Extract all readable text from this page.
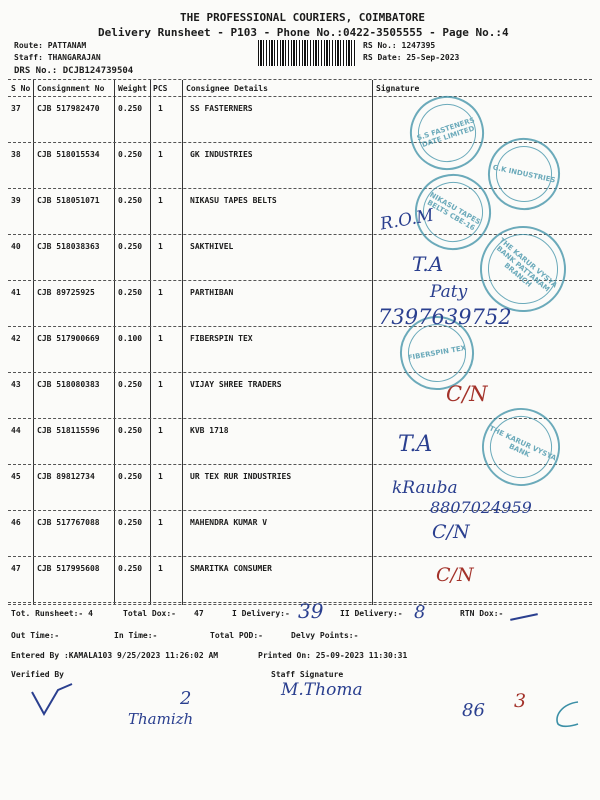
THE PROFESSIONAL COURIERS, COIMBATORE
Delivery Runsheet - P103 - Phone No.:0422-3505555 - Page No.:4
Route: PATTANAM
Staff: THANGARAJAN
DRS No.: DCJB124739504
RS No.: 1247395
RS Date: 25-Sep-2023
S No Consignment No Weight PCS Consignee Details	Signature
37 CJB 517982470 0.250 1	SS FASTERNERS
38 CJB 518015534 0.250 1	GK INDUSTRIES
39 CJB 518051071 0.250 1	NIKASU TAPES BELTS
40 CJB 518038363 0.250 1	SAKTHIVEL
41 CJB 89725925	0.250 1	PARTHIBAN
42 CJB 517900669 0.100 1	FIBERSPIN TEX
43 CJB 518080383 0.250 1	VIJAY SHREE TRADERS
44 CJB 518115596 0.250 1	KVB 1718
45 CJB 89812734	0.250 1	UR TEX RUR INDUSTRIES
46 CJB 517767088 0.250 1	MAHENDRA KUMAR V
47 CJB 517995608 0.250 1	SMARITKA CONSUMER
S.S FASTENERS DATE LIMITED
G.K INDUSTRIES
NIKASU TAPES BELTS CBE-16
THE KARUR VYSYA BANK PATTANAM BRANCH
FIBERSPIN TEX
THE KARUR VYSYA BANK
R.O.M
T.A
Paty
7397639752
C/N
T.A
kRauba
8807024959
C/N
C/N
Tot. Runsheet:- 4	Total Dox:- 47	I Delivery:- 39 II Delivery:- 8	RTN Dox:-
Out Time:-	In Time:-	Total POD:-	Delvy Points:-
Entered By :KAMALA103 9/25/2023 11:26:02 AM	Printed On: 25-09-2023 11:30:31
Verified By	Staff Signature
M.Thoma
2
Thamizh	86 3
